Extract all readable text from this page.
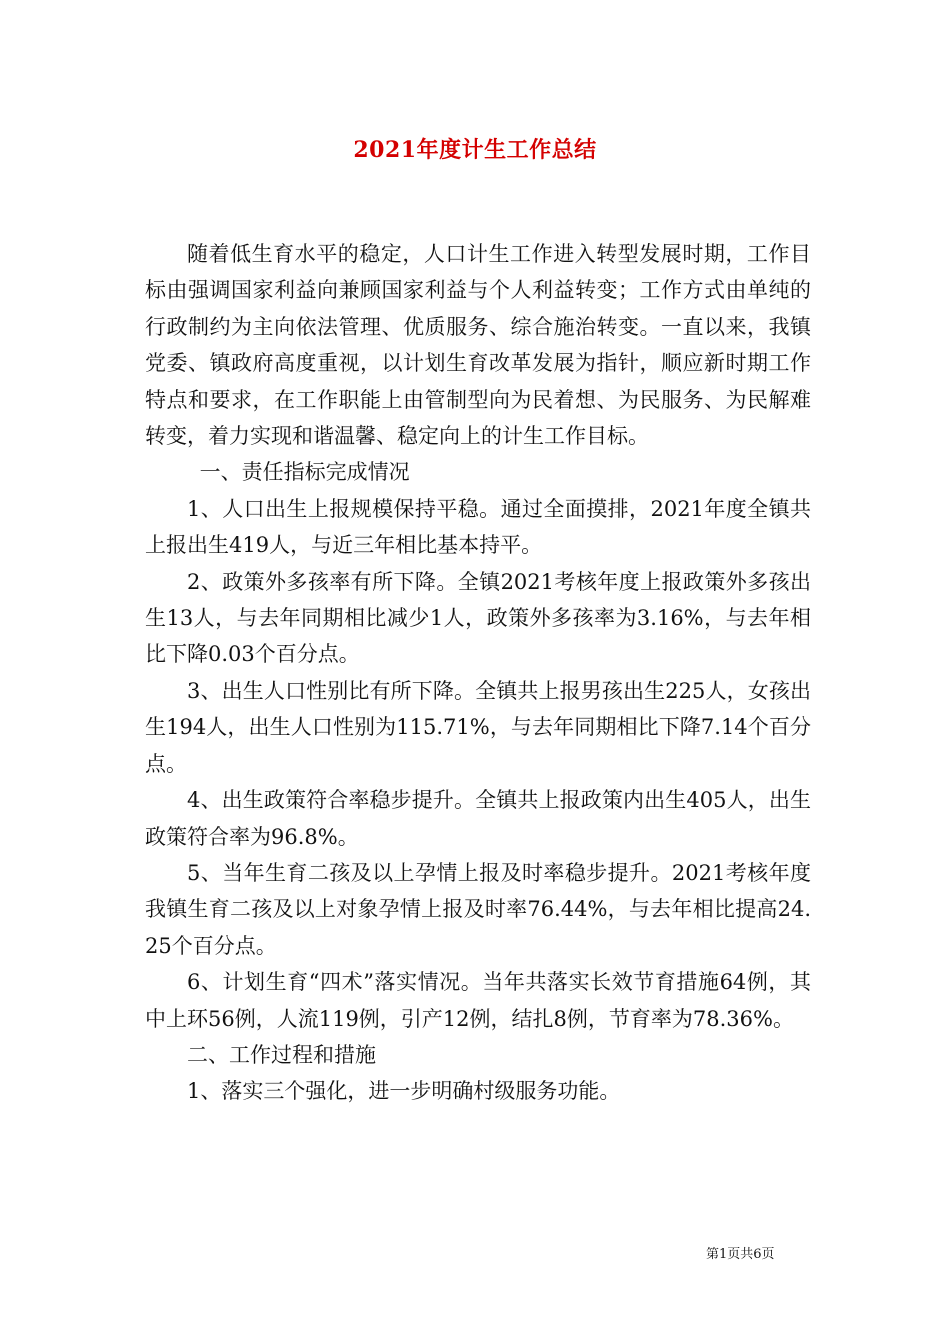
2021年度计生工作总结

随着低生育水平的稳定，人口计生工作进入转型发展时期，工作目标由强调国家利益向兼顾国家利益与个人利益转变；工作方式由单纯的行政制约为主向依法管理、优质服务、综合施治转变。一直以来，我镇党委、镇政府高度重视，以计划生育改革发展为指针，顺应新时期工作特点和要求，在工作职能上由管制型向为民着想、为民服务、为民解难转变，着力实现和谐温馨、稳定向上的计生工作目标。

一、责任指标完成情况

1、人口出生上报规模保持平稳。通过全面摸排，2021年度全镇共上报出生419人，与近三年相比基本持平。

2、政策外多孩率有所下降。全镇2021考核年度上报政策外多孩出生13人，与去年同期相比减少1人，政策外多孩率为3.16%，与去年相比下降0.03个百分点。

3、出生人口性别比有所下降。全镇共上报男孩出生225人，女孩出生194人，出生人口性别为115.71%，与去年同期相比下降7.14个百分点。

4、出生政策符合率稳步提升。全镇共上报政策内出生405人，出生政策符合率为96.8%。

5、当年生育二孩及以上孕情上报及时率稳步提升。2021考核年度我镇生育二孩及以上对象孕情上报及时率76.44%，与去年相比提高24.25个百分点。

6、计划生育“四术”落实情况。当年共落实长效节育措施64例，其中上环56例，人流119例，引产12例，结扎8例，节育率为78.36%。

二、工作过程和措施

1、落实三个强化，进一步明确村级服务功能。

第1页共6页
